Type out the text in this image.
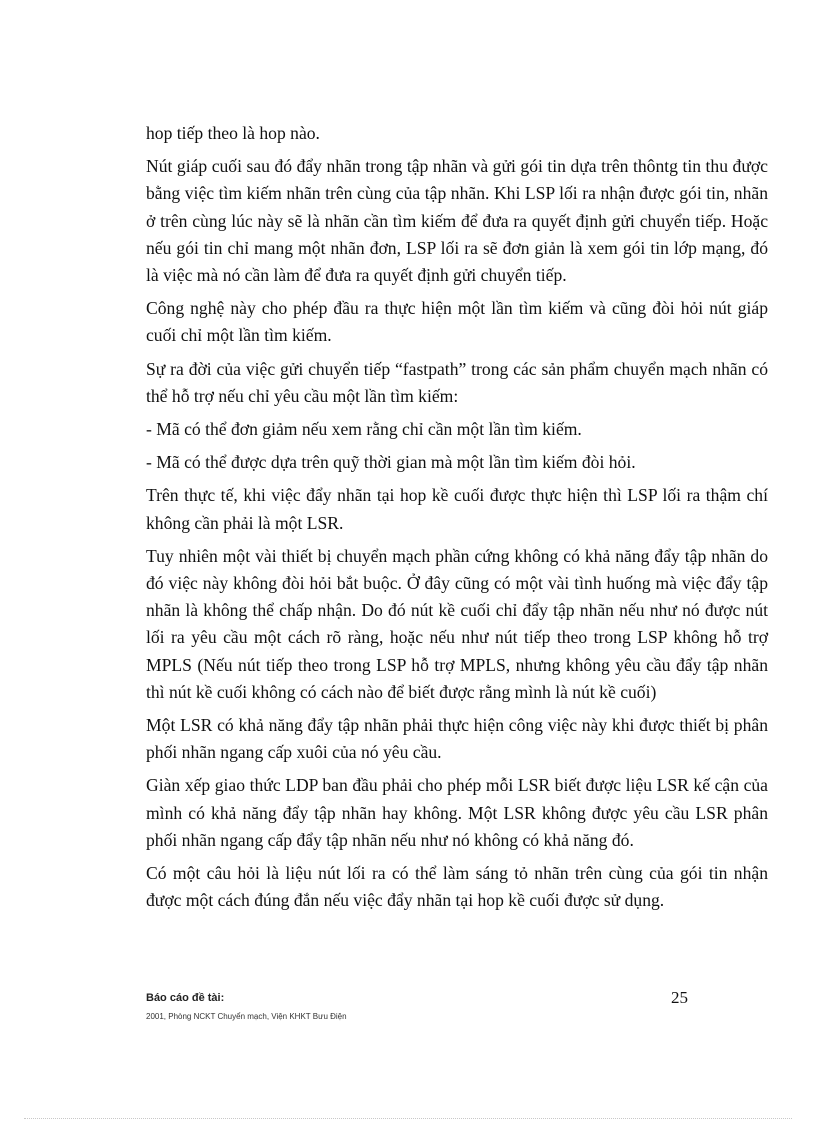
hop tiếp theo là hop nào.

Nút giáp cuối sau đó đẩy nhãn trong tập nhãn và gửi gói tin dựa trên thôntg tin thu được bằng việc tìm kiếm nhãn trên cùng của tập nhãn. Khi LSP lối ra nhận được gói tin, nhãn ở trên cùng lúc này sẽ là nhãn cần tìm kiếm để đưa ra quyết định gửi chuyển tiếp. Hoặc nếu gói tin chỉ mang một nhãn đơn, LSP lối ra sẽ đơn giản là xem gói tin lớp mạng, đó là việc mà nó cần làm để đưa ra quyết định gửi chuyển tiếp.

Công nghệ này cho phép đầu ra thực hiện một lần tìm kiếm và cũng đòi hỏi nút giáp cuối chỉ một lần tìm kiếm.

Sự ra đời của việc gửi chuyển tiếp “fastpath” trong các sản phẩm chuyển mạch nhãn có thể hỗ trợ nếu chỉ yêu cầu một lần tìm kiếm:

- Mã có thể đơn giảm nếu xem rằng chỉ cần một lần tìm kiếm.

- Mã có thể được dựa trên quỹ thời gian mà một lần tìm kiếm đòi hỏi.

Trên thực tế, khi việc đẩy nhãn tại hop kề cuối được thực hiện thì LSP lối ra thậm chí không cần phải là một LSR.

Tuy nhiên một vài thiết bị chuyển mạch phần cứng không có khả năng đẩy tập nhãn do đó việc này không đòi hỏi bắt buộc. Ở đây cũng có một vài tình huống mà việc đẩy tập nhãn là không thể chấp nhận. Do đó nút kề cuối chỉ đẩy tập nhãn nếu như nó được nút lối ra yêu cầu một cách rõ ràng, hoặc nếu như nút tiếp theo trong LSP không hỗ trợ MPLS (Nếu nút tiếp theo trong LSP hỗ trợ MPLS, nhưng không yêu cầu đẩy tập nhãn thì nút kề cuối không có cách nào để biết được rằng mình là nút kề cuối)

Một LSR có khả năng đẩy tập nhãn phải thực hiện công việc này khi được thiết bị phân phối nhãn ngang cấp xuôi của nó yêu cầu.

Giàn xếp giao thức LDP ban đầu phải cho phép mỗi LSR biết được liệu LSR kế cận của mình có khả năng đẩy tập nhãn hay không. Một LSR không được yêu cầu LSR phân phối nhãn ngang cấp đẩy tập nhãn nếu như nó không có khả năng đó.

Có một câu hỏi là liệu nút lối ra có thể làm sáng tỏ nhãn trên cùng của gói tin nhận được một cách đúng đắn nếu việc đẩy nhãn tại hop kề cuối được sử dụng.

Báo cáo đề tài:
2001, Phòng NCKT Chuyển mạch, Viện KHKT Bưu Điện
25
